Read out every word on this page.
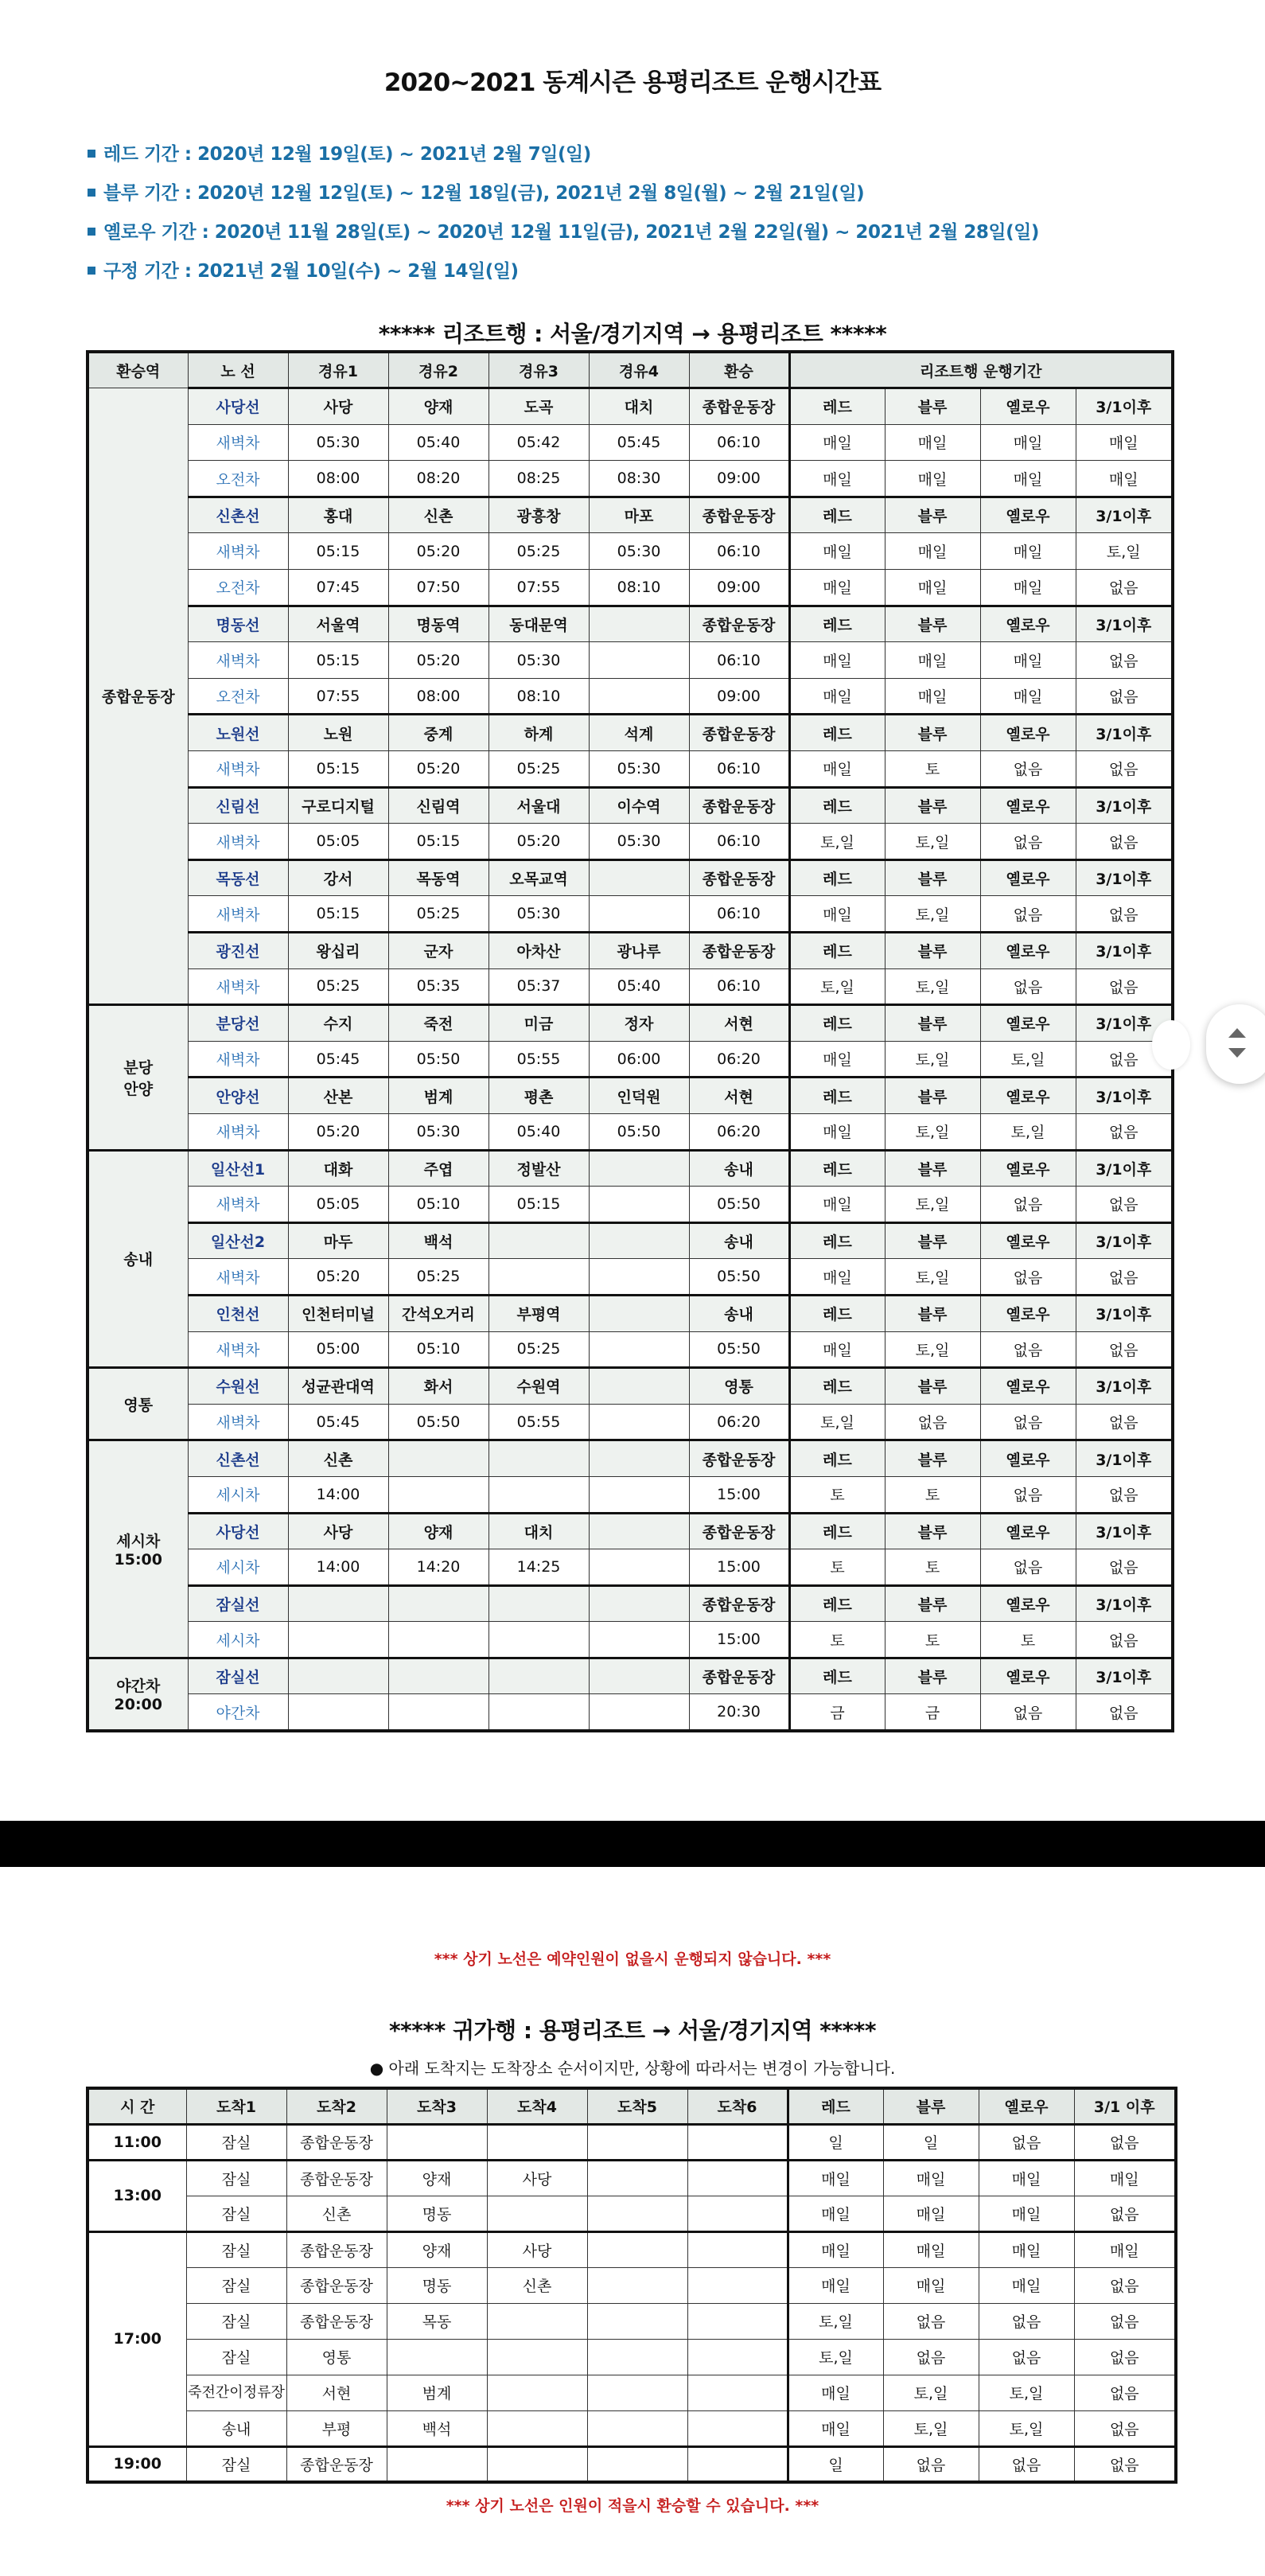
2020~2021 동계시즌 용평리조트 운행시간표
레드 기간 : 2020년 12월 19일(토) ~ 2021년 2월 7일(일)
블루 기간 : 2020년 12월 12일(토) ~ 12월 18일(금), 2021년 2월 8일(월) ~ 2월 21일(일)
옐로우 기간 : 2020년 11월 28일(토) ~ 2020년 12월 11일(금), 2021년 2월 22일(월) ~ 2021년 2월 28일(일)
구정 기간 : 2021년 2월 10일(수) ~ 2월 14일(일)
***** 리조트행 : 서울/경기지역 → 용평리조트 *****
환승역	노 선	경유1	경유2	경유3	경유4	환승	리조트행 운행기간			
종합운동장	사당선	사당	양재	도곡	대치	종합운동장	레드	블루	옐로우	3/1이후
	새벽차	05:30	05:40	05:42	05:45	06:10	매일	매일	매일	매일
	오전차	08:00	08:20	08:25	08:30	09:00	매일	매일	매일	매일
	신촌선	홍대	신촌	광흥창	마포	종합운동장	레드	블루	옐로우	3/1이후
	새벽차	05:15	05:20	05:25	05:30	06:10	매일	매일	매일	토,일
	오전차	07:45	07:50	07:55	08:10	09:00	매일	매일	매일	없음
	명동선	서울역	명동역	동대문역		종합운동장	레드	블루	옐로우	3/1이후
	새벽차	05:15	05:20	05:30		06:10	매일	매일	매일	없음
	오전차	07:55	08:00	08:10		09:00	매일	매일	매일	없음
	노원선	노원	중계	하계	석계	종합운동장	레드	블루	옐로우	3/1이후
	새벽차	05:15	05:20	05:25	05:30	06:10	매일	토	없음	없음
	신림선	구로디지털	신림역	서울대	이수역	종합운동장	레드	블루	옐로우	3/1이후
	새벽차	05:05	05:15	05:20	05:30	06:10	토,일	토,일	없음	없음
	목동선	강서	목동역	오목교역		종합운동장	레드	블루	옐로우	3/1이후
	새벽차	05:15	05:25	05:30		06:10	매일	토,일	없음	없음
	광진선	왕십리	군자	아차산	광나루	종합운동장	레드	블루	옐로우	3/1이후
	새벽차	05:25	05:35	05:37	05:40	06:10	토,일	토,일	없음	없음
분당
안양	분당선	수지	죽전	미금	정자	서현	레드	블루	옐로우	3/1이후
	새벽차	05:45	05:50	05:55	06:00	06:20	매일	토,일	토,일	없음
	안양선	산본	범계	평촌	인덕원	서현	레드	블루	옐로우	3/1이후
	새벽차	05:20	05:30	05:40	05:50	06:20	매일	토,일	토,일	없음
송내	일산선1	대화	주엽	정발산		송내	레드	블루	옐로우	3/1이후
	새벽차	05:05	05:10	05:15		05:50	매일	토,일	없음	없음
	일산선2	마두	백석			송내	레드	블루	옐로우	3/1이후
	새벽차	05:20	05:25			05:50	매일	토,일	없음	없음
	인천선	인천터미널	간석오거리	부평역		송내	레드	블루	옐로우	3/1이후
	새벽차	05:00	05:10	05:25		05:50	매일	토,일	없음	없음
영통	수원선	성균관대역	화서	수원역		영통	레드	블루	옐로우	3/1이후
	새벽차	05:45	05:50	05:55		06:20	토,일	없음	없음	없음
세시차
15:00	신촌선	신촌				종합운동장	레드	블루	옐로우	3/1이후
	세시차	14:00				15:00	토	토	없음	없음
	사당선	사당	양재	대치		종합운동장	레드	블루	옐로우	3/1이후
	세시차	14:00	14:20	14:25		15:00	토	토	없음	없음
	잠실선					종합운동장	레드	블루	옐로우	3/1이후
	세시차					15:00	토	토	토	없음
야간차
20:00	잠실선					종합운동장	레드	블루	옐로우	3/1이후
	야간차					20:30	금	금	없음	없음
*** 상기 노선은 예약인원이 없을시 운행되지 않습니다. ***
***** 귀가행 : 용평리조트 → 서울/경기지역 *****
● 아래 도착지는 도착장소 순서이지만, 상황에 따라서는 변경이 가능합니다.
시 간	도착1	도착2	도착3	도착4	도착5	도착6	레드	블루	옐로우	3/1 이후
11:00	잠실	종합운동장					일	일	없음	없음
13:00	잠실	종합운동장	양재	사당			매일	매일	매일	매일
	잠실	신촌	명동				매일	매일	매일	없음
17:00	잠실	종합운동장	양재	사당			매일	매일	매일	매일
	잠실	종합운동장	명동	신촌			매일	매일	매일	없음
	잠실	종합운동장	목동				토,일	없음	없음	없음
	잠실	영통					토,일	없음	없음	없음
	죽전간이정류장	서현	범계				매일	토,일	토,일	없음
	송내	부평	백석				매일	토,일	토,일	없음
19:00	잠실	종합운동장					일	없음	없음	없음
*** 상기 노선은 인원이 적을시 환승할 수 있습니다. ***
